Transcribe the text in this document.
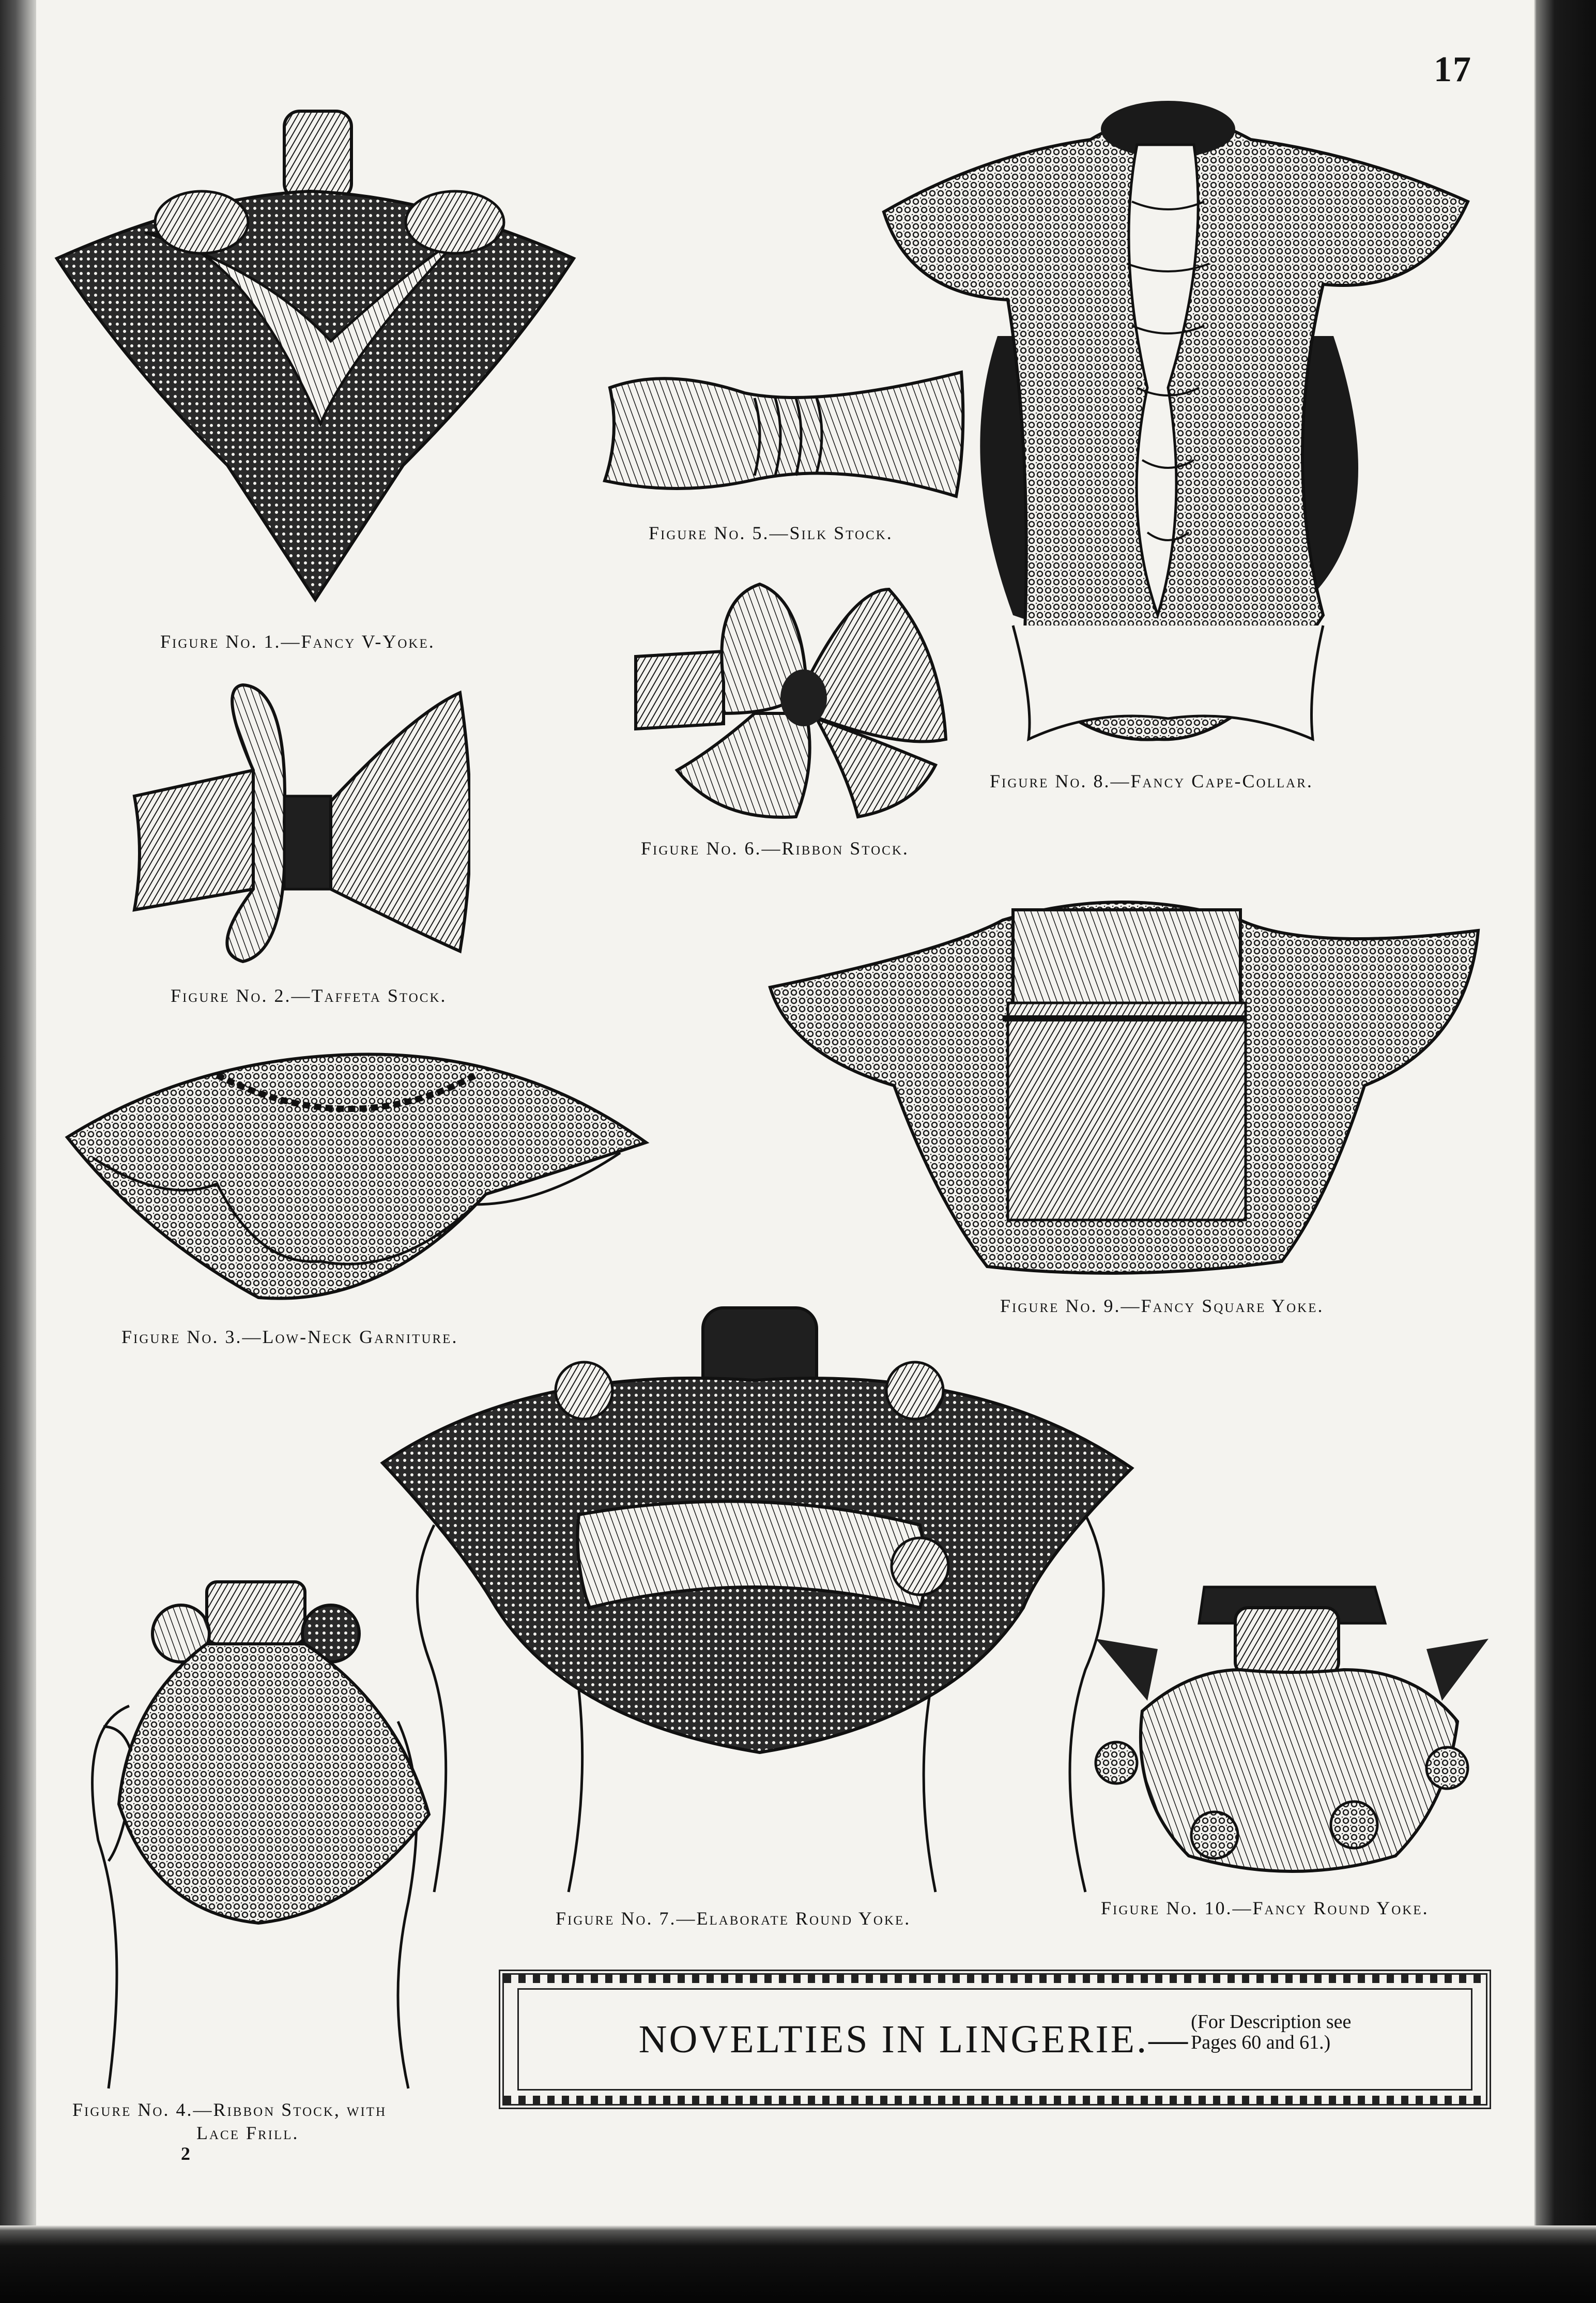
17
Figure No. 1.—Fancy V-Yoke.
Figure No. 2.—Taffeta Stock.
Figure No. 3.—Low-Neck Garniture.
Figure No. 4.—Ribbon Stock, with
Lace Frill.
Figure No. 5.—Silk Stock.
Figure No. 6.—Ribbon Stock.
Figure No. 7.—Elaborate Round Yoke.
Figure No. 8.—Fancy Cape-Collar.
Figure No. 9.—Fancy Square Yoke.
Figure No. 10.—Fancy Round Yoke.
NOVELTIES IN LINGERIE. — (For Description see
Pages 60 and 61.)
2
